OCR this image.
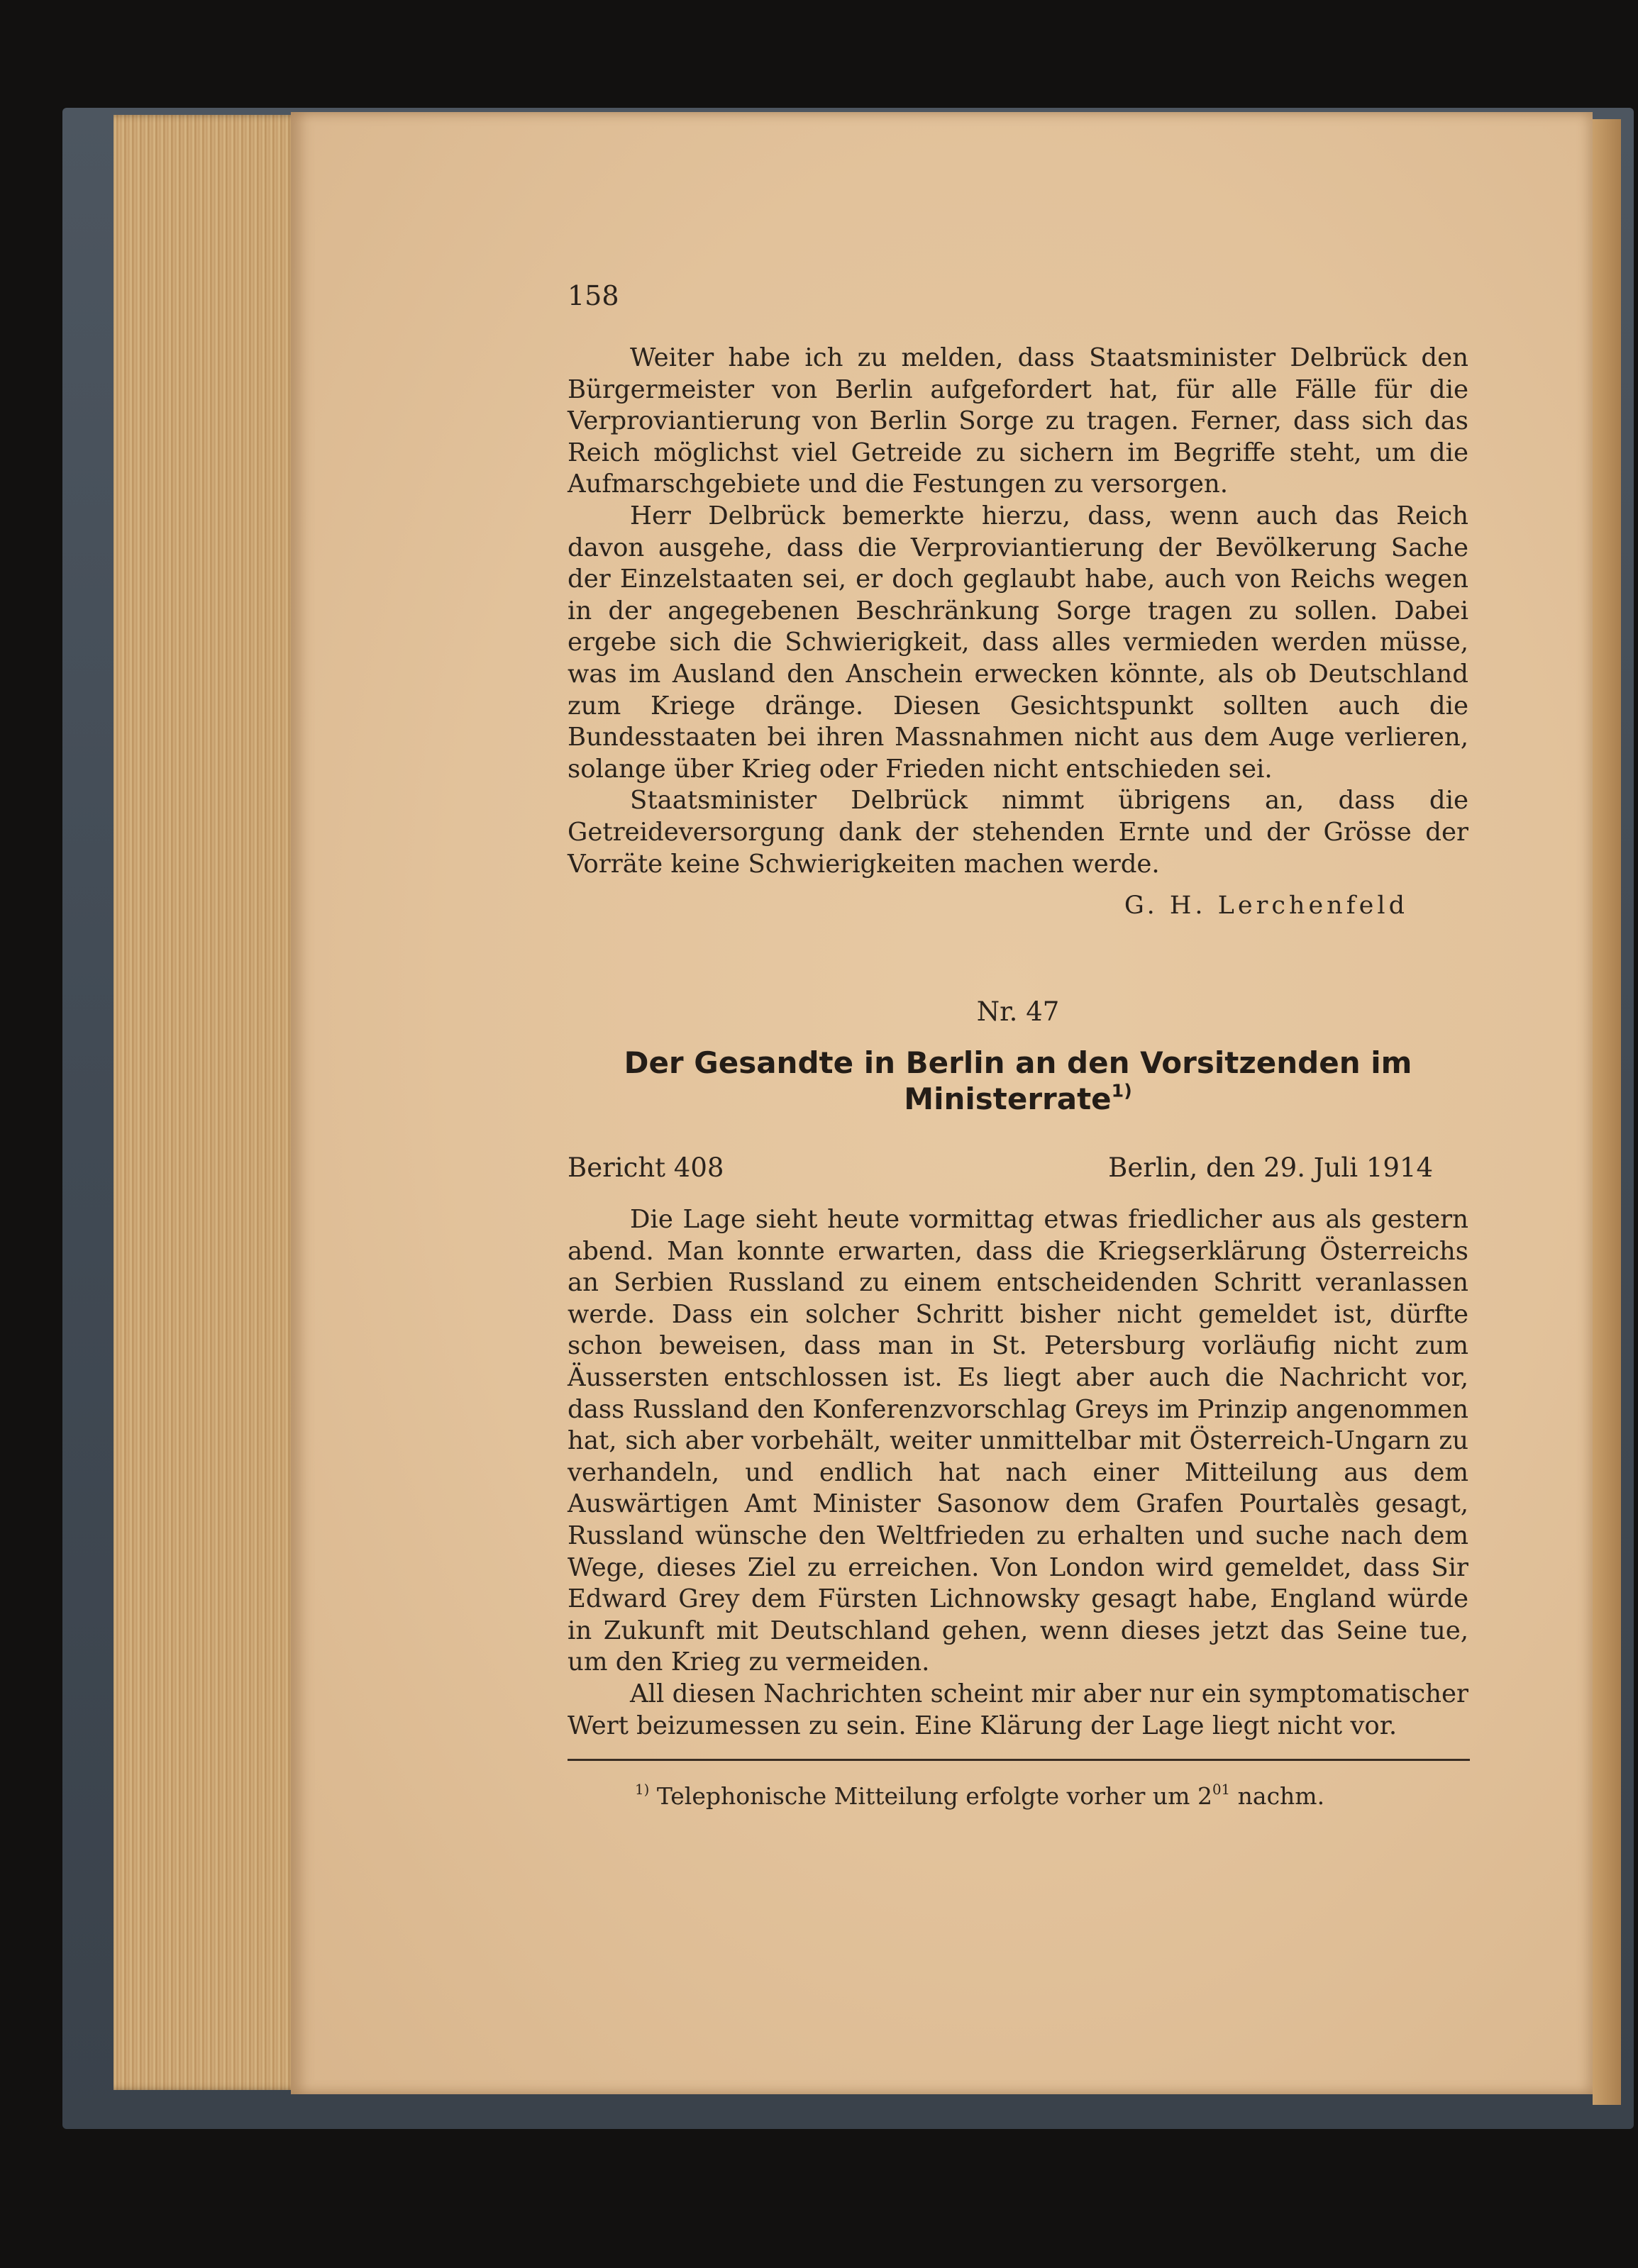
158

Weiter habe ich zu melden, dass Staatsminister Delbrück den Bürgermeister von Berlin aufgefordert hat, für alle Fälle für die Verproviantierung von Berlin Sorge zu tragen. Ferner, dass sich das Reich möglichst viel Getreide zu sichern im Begriffe steht, um die Aufmarschgebiete und die Festungen zu versorgen.

Herr Delbrück bemerkte hierzu, dass, wenn auch das Reich davon ausgehe, dass die Verproviantierung der Bevölkerung Sache der Einzelstaaten sei, er doch geglaubt habe, auch von Reichs wegen in der angegebenen Beschränkung Sorge tragen zu sollen. Dabei ergebe sich die Schwierigkeit, dass alles vermieden werden müsse, was im Ausland den Anschein erwecken könnte, als ob Deutschland zum Kriege dränge. Diesen Gesichtspunkt sollten auch die Bundesstaaten bei ihren Massnahmen nicht aus dem Auge verlieren, solange über Krieg oder Frieden nicht entschieden sei.

Staatsminister Delbrück nimmt übrigens an, dass die Getreideversorgung dank der stehenden Ernte und der Grösse der Vorräte keine Schwierigkeiten machen werde.

G. H. Lerchenfeld
Nr. 47
Der Gesandte in Berlin an den Vorsitzenden im Ministerrate$^{1)}$
Bericht 408	Berlin, den 29. Juli 1914

Die Lage sieht heute vormittag etwas friedlicher aus als gestern abend. Man konnte erwarten, dass die Kriegserklärung Österreichs an Serbien Russland zu einem entscheidenden Schritt veranlassen werde. Dass ein solcher Schritt bisher nicht gemeldet ist, dürfte schon beweisen, dass man in St. Petersburg vorläufig nicht zum Äussersten entschlossen ist. Es liegt aber auch die Nachricht vor, dass Russland den Konferenzvorschlag Greys im Prinzip angenommen hat, sich aber vorbehält, weiter unmittelbar mit Österreich-Ungarn zu verhandeln, und endlich hat nach einer Mitteilung aus dem Auswärtigen Amt Minister Sasonow dem Grafen Pourtalès gesagt, Russland wünsche den Weltfrieden zu erhalten und suche nach dem Wege, dieses Ziel zu erreichen. Von London wird gemeldet, dass Sir Edward Grey dem Fürsten Lichnowsky gesagt habe, England würde in Zukunft mit Deutschland gehen, wenn dieses jetzt das Seine tue, um den Krieg zu vermeiden.

All diesen Nachrichten scheint mir aber nur ein symptomatischer Wert beizumessen zu sein. Eine Klärung der Lage liegt nicht vor.

$^{1)}$ Telephonische Mitteilung erfolgte vorher um $2^{01}$ nachm.
